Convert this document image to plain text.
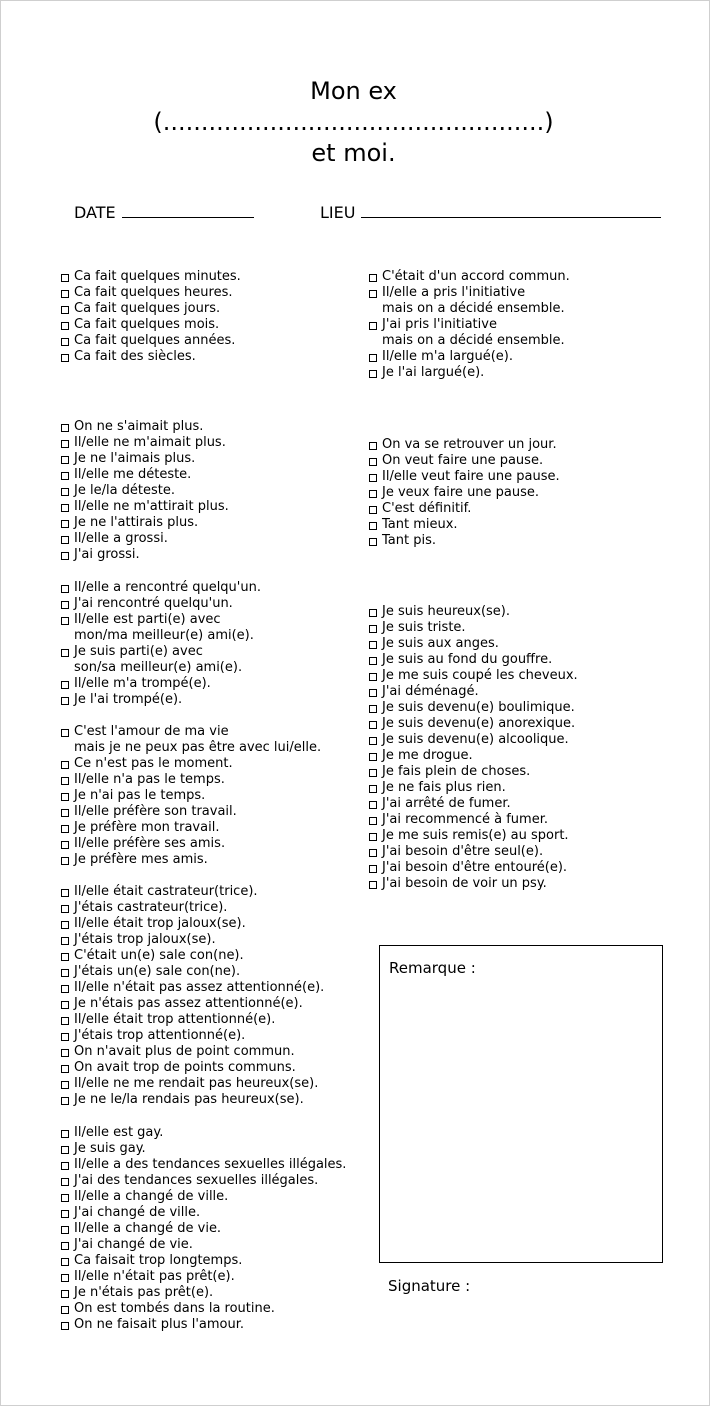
Mon ex
(..................................................)
et moi.
DATE	LIEU
Ca fait quelques minutes.
Ca fait quelques heures.
Ca fait quelques jours.
Ca fait quelques mois.
Ca fait quelques années.
Ca fait des siècles.
C'était d'un accord commun.
Il/elle a pris l'initiative
mais on a décidé ensemble.
J'ai pris l'initiative
mais on a décidé ensemble.
Il/elle m'a largué(e).
Je l'ai largué(e).
On ne s'aimait plus.
Il/elle ne m'aimait plus.
Je ne l'aimais plus.
Il/elle me déteste.
Je le/la déteste.
Il/elle ne m'attirait plus.
Je ne l'attirais plus.
Il/elle a grossi.
J'ai grossi.
On va se retrouver un jour.
On veut faire une pause.
Il/elle veut faire une pause.
Je veux faire une pause.
C'est définitif.
Tant mieux.
Tant pis.
Il/elle a rencontré quelqu'un.
J'ai rencontré quelqu'un.
Il/elle est parti(e) avec
mon/ma meilleur(e) ami(e).
Je suis parti(e) avec
son/sa meilleur(e) ami(e).
Il/elle m'a trompé(e).
Je l'ai trompé(e).
Je suis heureux(se).
Je suis triste.
Je suis aux anges.
Je suis au fond du gouffre.
Je me suis coupé les cheveux.
J'ai déménagé.
Je suis devenu(e) boulimique.
Je suis devenu(e) anorexique.
Je suis devenu(e) alcoolique.
Je me drogue.
Je fais plein de choses.
Je ne fais plus rien.
J'ai arrêté de fumer.
J'ai recommencé à fumer.
Je me suis remis(e) au sport.
J'ai besoin d'être seul(e).
J'ai besoin d'être entouré(e).
J'ai besoin de voir un psy.
C'est l'amour de ma vie
mais je ne peux pas être avec lui/elle.
Ce n'est pas le moment.
Il/elle n'a pas le temps.
Je n'ai pas le temps.
Il/elle préfère son travail.
Je préfère mon travail.
Il/elle préfère ses amis.
Je préfère mes amis.
Il/elle était castrateur(trice).
J'étais castrateur(trice).
Il/elle était trop jaloux(se).
J'étais trop jaloux(se).
C'était un(e) sale con(ne).
J'étais un(e) sale con(ne).
Il/elle n'était pas assez attentionné(e).
Je n'étais pas assez attentionné(e).
Il/elle était trop attentionné(e).
J'étais trop attentionné(e).
On n'avait plus de point commun.
On avait trop de points communs.
Il/elle ne me rendait pas heureux(se).
Je ne le/la rendais pas heureux(se).
Il/elle est gay.
Je suis gay.
Il/elle a des tendances sexuelles illégales.
J'ai des tendances sexuelles illégales.
Il/elle a changé de ville.
J'ai changé de ville.
Il/elle a changé de vie.
J'ai changé de vie.
Ca faisait trop longtemps.
Il/elle n'était pas prêt(e).
Je n'étais pas prêt(e).
On est tombés dans la routine.
On ne faisait plus l'amour.
Remarque :
Signature :
